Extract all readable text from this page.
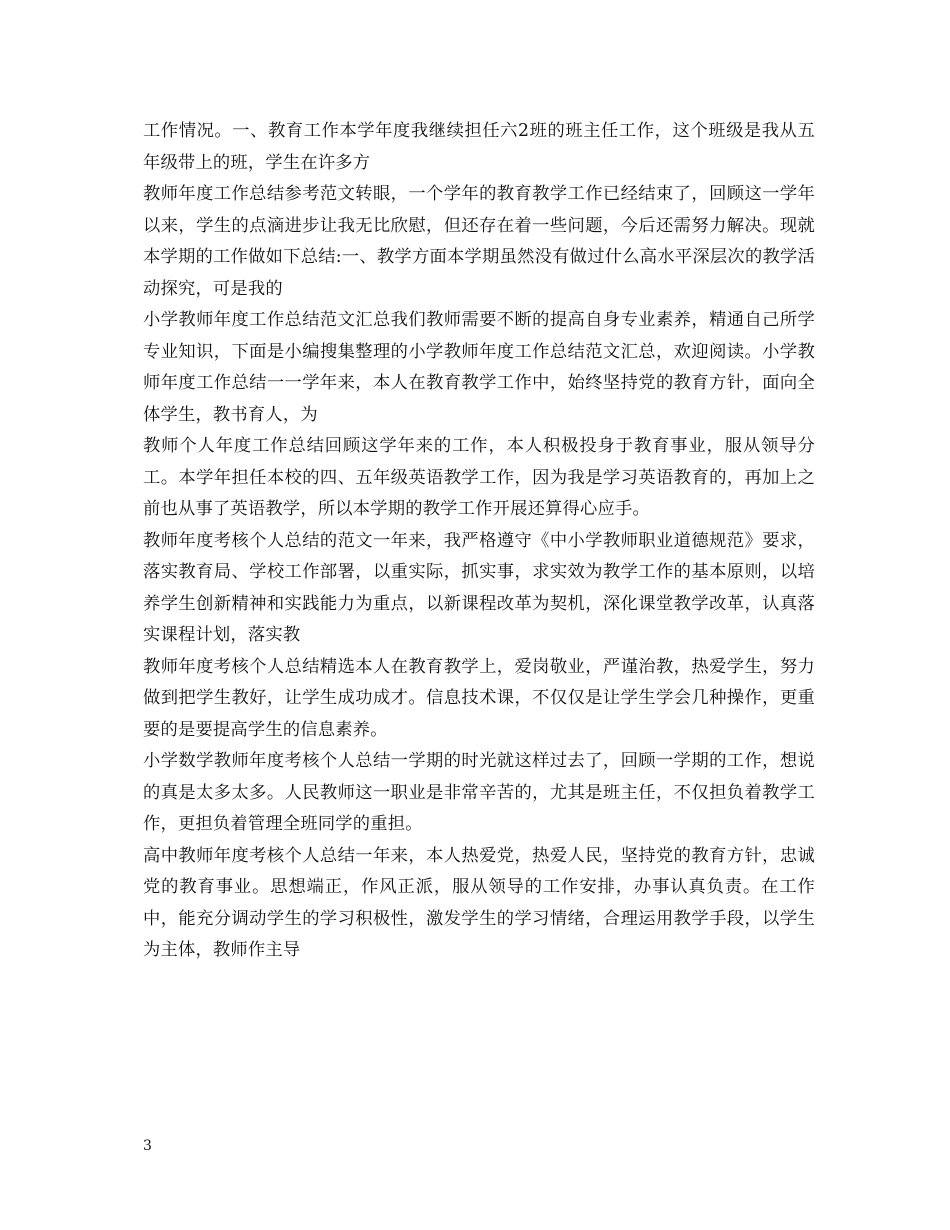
工作情况。一、教育工作本学年度我继续担任六2班的班主任工作，这个班级是我从五年级带上的班，学生在许多方

教师年度工作总结参考范文转眼，一个学年的教育教学工作已经结束了，回顾这一学年以来，学生的点滴进步让我无比欣慰，但还存在着一些问题，今后还需努力解决。现就本学期的工作做如下总结:一、教学方面本学期虽然没有做过什么高水平深层次的教学活动探究，可是我的

小学教师年度工作总结范文汇总我们教师需要不断的提高自身专业素养，精通自己所学专业知识，下面是小编搜集整理的小学教师年度工作总结范文汇总，欢迎阅读。小学教师年度工作总结一一学年来，本人在教育教学工作中，始终坚持党的教育方针，面向全体学生，教书育人，为

教师个人年度工作总结回顾这学年来的工作，本人积极投身于教育事业，服从领导分工。本学年担任本校的四、五年级英语教学工作，因为我是学习英语教育的，再加上之前也从事了英语教学，所以本学期的教学工作开展还算得心应手。

教师年度考核个人总结的范文一年来，我严格遵守《中小学教师职业道德规范》要求，落实教育局、学校工作部署，以重实际，抓实事，求实效为教学工作的基本原则，以培养学生创新精神和实践能力为重点，以新课程改革为契机，深化课堂教学改革，认真落实课程计划，落实教

教师年度考核个人总结精选本人在教育教学上，爱岗敬业，严谨治教，热爱学生，努力做到把学生教好，让学生成功成才。信息技术课，不仅仅是让学生学会几种操作，更重要的是要提高学生的信息素养。

小学数学教师年度考核个人总结一学期的时光就这样过去了，回顾一学期的工作，想说的真是太多太多。人民教师这一职业是非常辛苦的，尤其是班主任，不仅担负着教学工作，更担负着管理全班同学的重担。

高中教师年度考核个人总结一年来，本人热爱党，热爱人民，坚持党的教育方针，忠诚党的教育事业。思想端正，作风正派，服从领导的工作安排，办事认真负责。在工作中，能充分调动学生的学习积极性，激发学生的学习情绪，合理运用教学手段，以学生为主体，教师作主导

3
